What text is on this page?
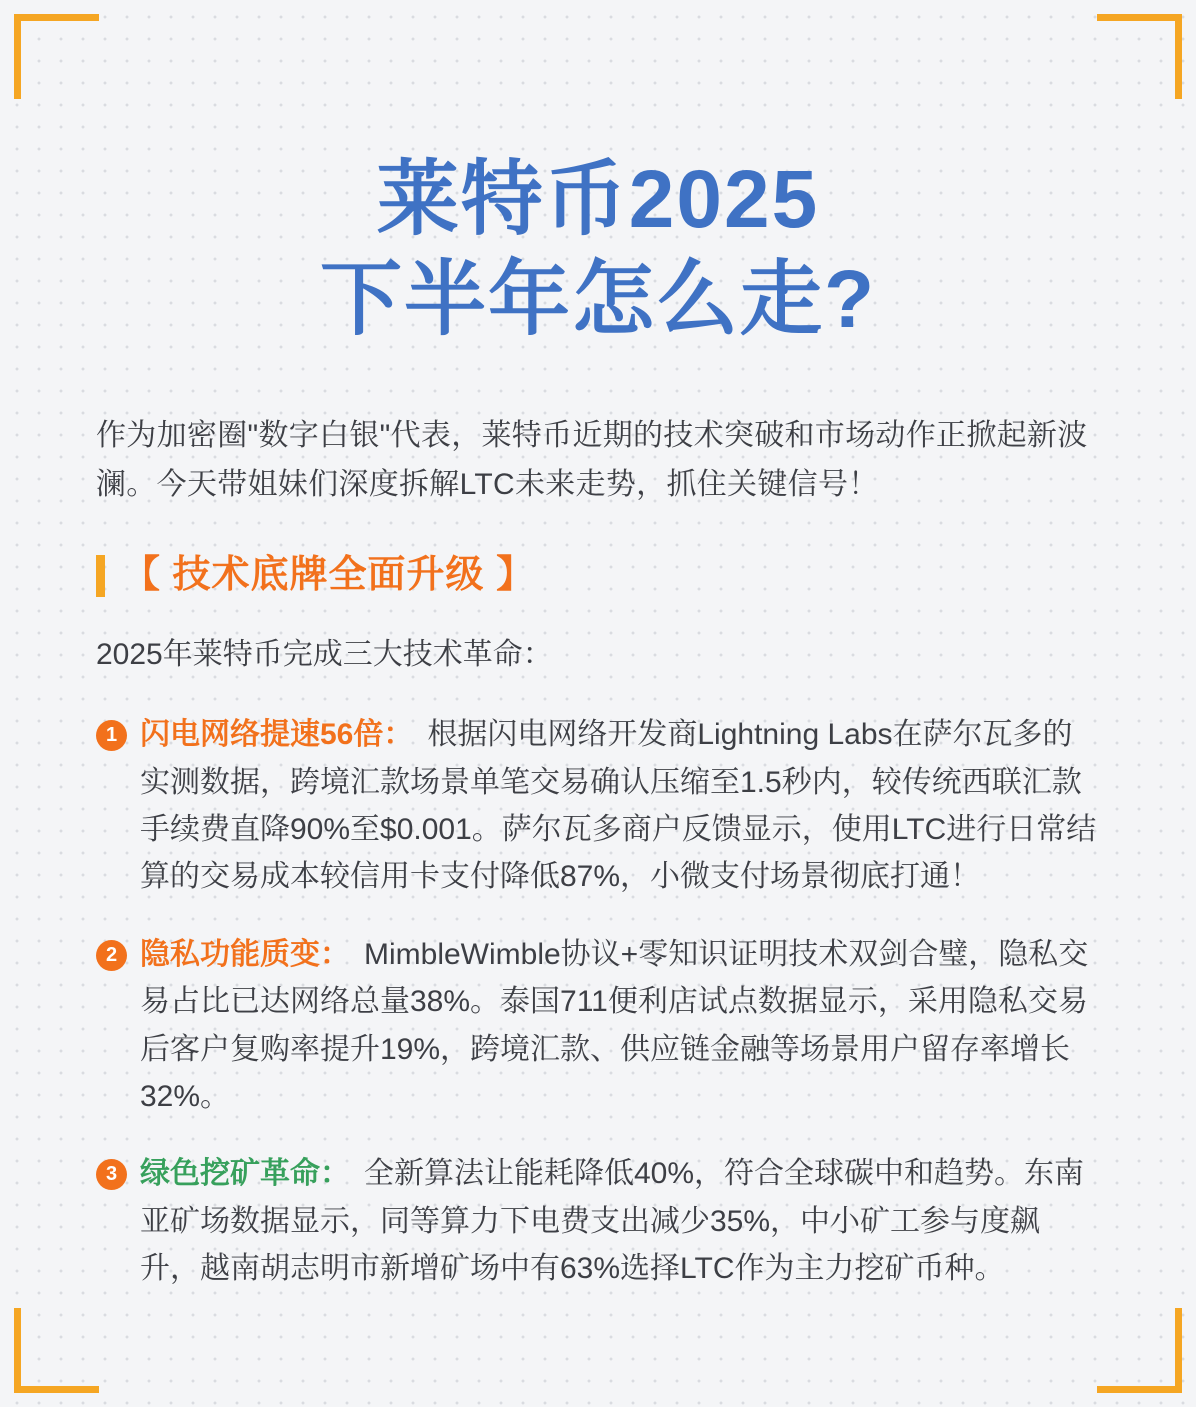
莱特币2025
下半年怎么走?

作为加密圈"数字白银"代表，莱特币近期的技术突破和市场动作正掀起新波澜。今天带姐妹们深度拆解LTC未来走势，抓住关键信号！

【 技术底牌全面升级 】

2025年莱特币完成三大技术革命：

1 闪电网络提速56倍： 根据闪电网络开发商Lightning Labs在萨尔瓦多的实测数据，跨境汇款场景单笔交易确认压缩至1.5秒内，较传统西联汇款手续费直降90%至$0.001。萨尔瓦多商户反馈显示，使用LTC进行日常结算的交易成本较信用卡支付降低87%，小微支付场景彻底打通！
2 隐私功能质变： MimbleWimble协议+零知识证明技术双剑合璧，隐私交易占比已达网络总量38%。泰国711便利店试点数据显示，采用隐私交易后客户复购率提升19%，跨境汇款、供应链金融等场景用户留存率增长32%。
3 绿色挖矿革命： 全新算法让能耗降低40%，符合全球碳中和趋势。东南亚矿场数据显示，同等算力下电费支出减少35%，中小矿工参与度飙升，越南胡志明市新增矿场中有63%选择LTC作为主力挖矿币种。
